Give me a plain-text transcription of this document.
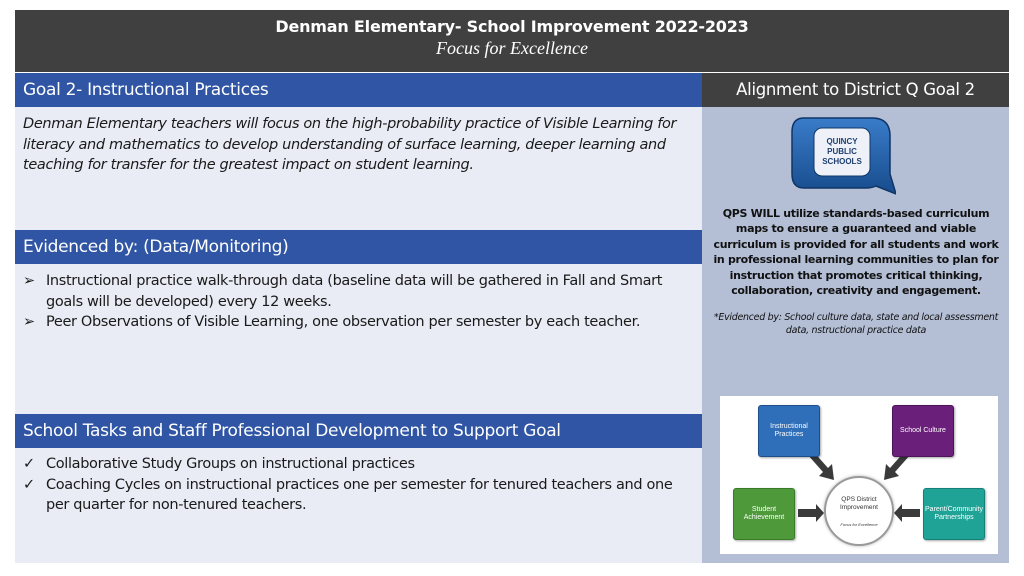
Denman Elementary- School Improvement 2022-2023
Focus for Excellence
Goal 2- Instructional Practices
Denman Elementary teachers will focus on the high-probability practice of Visible Learning for literacy and mathematics to develop understanding of surface learning, deeper learning and teaching for transfer for the greatest impact on student learning.
Evidenced by: (Data/Monitoring)
➢ Instructional practice walk-through data (baseline data will be gathered in Fall and Smart goals will be developed) every 12 weeks.
➢ Peer Observations of Visible Learning, one observation per semester by each teacher.
School Tasks and Staff Professional Development to Support Goal
✓ Collaborative Study Groups on instructional practices
✓ Coaching Cycles on instructional practices one per semester for tenured teachers and one per quarter for non-tenured teachers.
Alignment to District Q Goal 2
QUINCY
PUBLIC
SCHOOLS
QPS WILL utilize standards-based curriculum maps to ensure a guaranteed and viable curriculum is provided for all students and work in professional learning communities to plan for instruction that promotes critical thinking, collaboration, creativity and engagement.
*Evidenced by: School culture data, state and local assessment data, nstructional practice data
Instructional Practices
School Culture
Student Achievement
Parent/Community Partnerships
QPS District Improvement
Focus for Excellence
